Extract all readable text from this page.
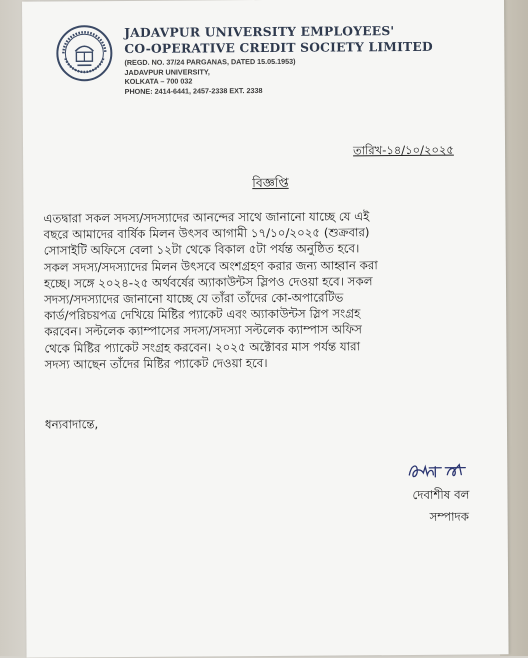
JADAVPUR UNIVERSITY EMPLOYEES'
CO-OPERATIVE CREDIT SOCIETY LIMITED
(REGD. NO. 37/24 PARGANAS, DATED 15.05.1953)
JADAVPUR UNIVERSITY,
KOLKATA – 700 032
PHONE: 2414-6441, 2457-2338 EXT. 2338
তারিখ-১৪/১০/২০২৫
বিজ্ঞপ্তি
এতদ্বারা সকল সদস্য/সদস্যাদের আনন্দের সাথে জানানো যাচ্ছে যে এই
বছরে আমাদের বার্ষিক মিলন উৎসব আগামী ১৭/১০/২০২৫ (শুক্রবার)
সোসাইটি অফিসে বেলা ১২টা থেকে বিকাল ৫টা পর্যন্ত অনুষ্ঠিত হবে।
সকল সদস্য/সদস্যাদের মিলন উৎসবে অংশগ্রহণ করার জন্য আহ্বান করা
হচ্ছে। সঙ্গে ২০২৪-২৫ অর্থবর্ষের অ্যাকাউন্টস স্লিপও দেওয়া হবে। সকল
সদস্য/সদস্যাদের জানানো যাচ্ছে যে তাঁরা তাঁদের কো-অপারেটিভ
কার্ড/পরিচয়পত্র দেখিয়ে মিষ্টির প্যাকেট এবং অ্যাকাউন্টস স্লিপ সংগ্রহ
করবেন। সল্টলেক ক্যাম্পাসের সদস্য/সদস্যা সল্টলেক ক্যাম্পাস অফিস
থেকে মিষ্টির প্যাকেট সংগ্রহ করবেন। ২০২৫ অক্টোবর মাস পর্যন্ত যারা
সদস্য আছেন তাঁদের মিষ্টির প্যাকেট দেওয়া হবে।
ধন্যবাদান্তে,
দেবাশীষ বল
সম্পাদক
